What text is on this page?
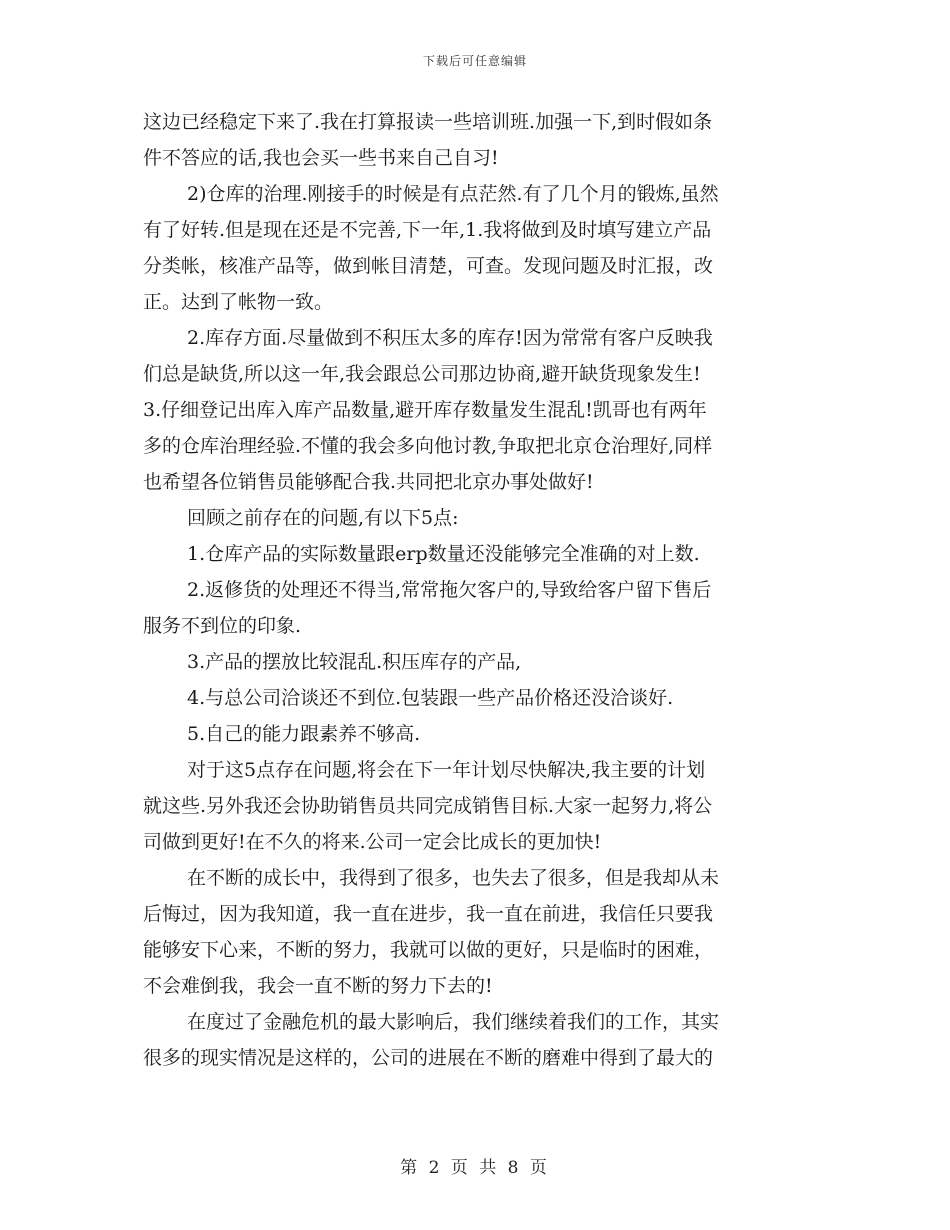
下载后可任意编辑
这边已经稳定下来了.我在打算报读一些培训班.加强一下,到时假如条
件不答应的话,我也会买一些书来自己自习!
2)仓库的治理.刚接手的时候是有点茫然.有了几个月的锻炼,虽然
有了好转.但是现在还是不完善,下一年,1.我将做到及时填写建立产品
分类帐，核准产品等，做到帐目清楚，可查。发现问题及时汇报，改
正。达到了帐物一致。
2.库存方面.尽量做到不积压太多的库存!因为常常有客户反映我
们总是缺货,所以这一年,我会跟总公司那边协商,避开缺货现象发生!
3.仔细登记出库入库产品数量,避开库存数量发生混乱!凯哥也有两年
多的仓库治理经验.不懂的我会多向他讨教,争取把北京仓治理好,同样
也希望各位销售员能够配合我.共同把北京办事处做好!
回顾之前存在的问题,有以下5点:
1.仓库产品的实际数量跟erp数量还没能够完全准确的对上数.
2.返修货的处理还不得当,常常拖欠客户的,导致给客户留下售后
服务不到位的印象.
3.产品的摆放比较混乱.积压库存的产品,
4.与总公司洽谈还不到位.包装跟一些产品价格还没洽谈好.
5.自己的能力跟素养不够高.
对于这5点存在问题,将会在下一年计划尽快解决,我主要的计划
就这些.另外我还会协助销售员共同完成销售目标.大家一起努力,将公
司做到更好!在不久的将来.公司一定会比成长的更加快!
在不断的成长中，我得到了很多，也失去了很多，但是我却从未
后悔过，因为我知道，我一直在进步，我一直在前进，我信任只要我
能够安下心来，不断的努力，我就可以做的更好，只是临时的困难，
不会难倒我，我会一直不断的努力下去的!
在度过了金融危机的最大影响后，我们继续着我们的工作，其实
很多的现实情况是这样的，公司的进展在不断的磨难中得到了最大的
第 2 页 共 8 页
